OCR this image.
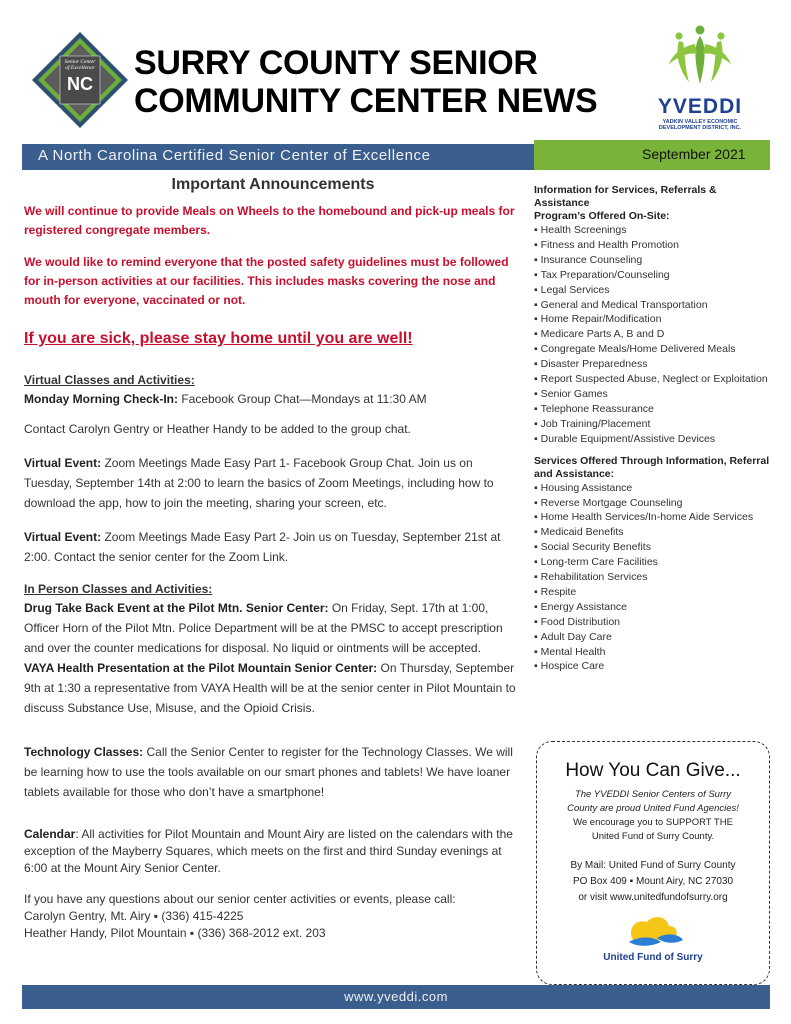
Senior Center
of Excellence
NC
SURRY COUNTY SENIOR
COMMUNITY CENTER NEWS	YVEDDI
YADKIN VALLEY ECONOMIC
DEVELOPMENT DISTRICT, INC.
A North Carolina Certified Senior Center of Excellence	September 2021
Important Announcements
We will continue to provide Meals on Wheels to the homebound and pick-up meals for registered congregate members.
We would like to remind everyone that the posted safety guidelines must be followed for in-person activities at our facilities. This includes masks covering the nose and mouth for everyone, vaccinated or not.
If you are sick, please stay home until you are well!
Virtual Classes and Activities:
Monday Morning Check-In: Facebook Group Chat—Mondays at 11:30 AM
Contact Carolyn Gentry or Heather Handy to be added to the group chat.
Virtual Event: Zoom Meetings Made Easy Part 1- Facebook Group Chat. Join us on Tuesday, September 14th at 2:00 to learn the basics of Zoom Meetings, including how to download the app, how to join the meeting, sharing your screen, etc.
Virtual Event: Zoom Meetings Made Easy Part 2- Join us on Tuesday, September 21st at 2:00. Contact the senior center for the Zoom Link.
In Person Classes and Activities:
Drug Take Back Event at the Pilot Mtn. Senior Center: On Friday, Sept. 17th at 1:00, Officer Horn of the Pilot Mtn. Police Department will be at the PMSC to accept prescription and over the counter medications for disposal. No liquid or ointments will be accepted.
VAYA Health Presentation at the Pilot Mountain Senior Center: On Thursday, September 9th at 1:30 a representative from VAYA Health will be at the senior center in Pilot Mountain to discuss Substance Use, Misuse, and the Opioid Crisis.
Technology Classes: Call the Senior Center to register for the Technology Classes. We will be learning how to use the tools available on our smart phones and tablets! We have loaner tablets available for those who don’t have a smartphone!
Calendar: All activities for Pilot Mountain and Mount Airy are listed on the calendars with the exception of the Mayberry Squares, which meets on the first and third Sunday evenings at 6:00 at the Mount Airy Senior Center.
If you have any questions about our senior center activities or events, please call:
Carolyn Gentry, Mt. Airy ▪ (336) 415-4225
Heather Handy, Pilot Mountain ▪ (336) 368-2012 ext. 203
Information for Services, Referrals & Assistance
Program’s Offered On-Site:
▪ Health Screenings
▪ Fitness and Health Promotion
▪ Insurance Counseling
▪ Tax Preparation/Counseling
▪ Legal Services
▪ General and Medical Transportation
▪ Home Repair/Modification
▪ Medicare Parts A, B and D
▪ Congregate Meals/Home Delivered Meals
▪ Disaster Preparedness
▪ Report Suspected Abuse, Neglect or Exploitation
▪ Senior Games
▪ Telephone Reassurance
▪ Job Training/Placement
▪ Durable Equipment/Assistive Devices
Services Offered Through Information, Referral and Assistance:
▪ Housing Assistance
▪ Reverse Mortgage Counseling
▪ Home Health Services/In-home Aide Services
▪ Medicaid Benefits
▪ Social Security Benefits
▪ Long-term Care Facilities
▪ Rehabilitation Services
▪ Respite
▪ Energy Assistance
▪ Food Distribution
▪ Adult Day Care
▪ Mental Health
▪ Hospice Care
How You Can Give...
The YVEDDI Senior Centers of Surry
County are proud United Fund Agencies!
We encourage you to SUPPORT THE
United Fund of Surry County.
By Mail: United Fund of Surry County
PO Box 409 ▪ Mount Airy, NC 27030
or visit www.unitedfundofsurry.org
United Fund of Surry
www.yveddi.com
